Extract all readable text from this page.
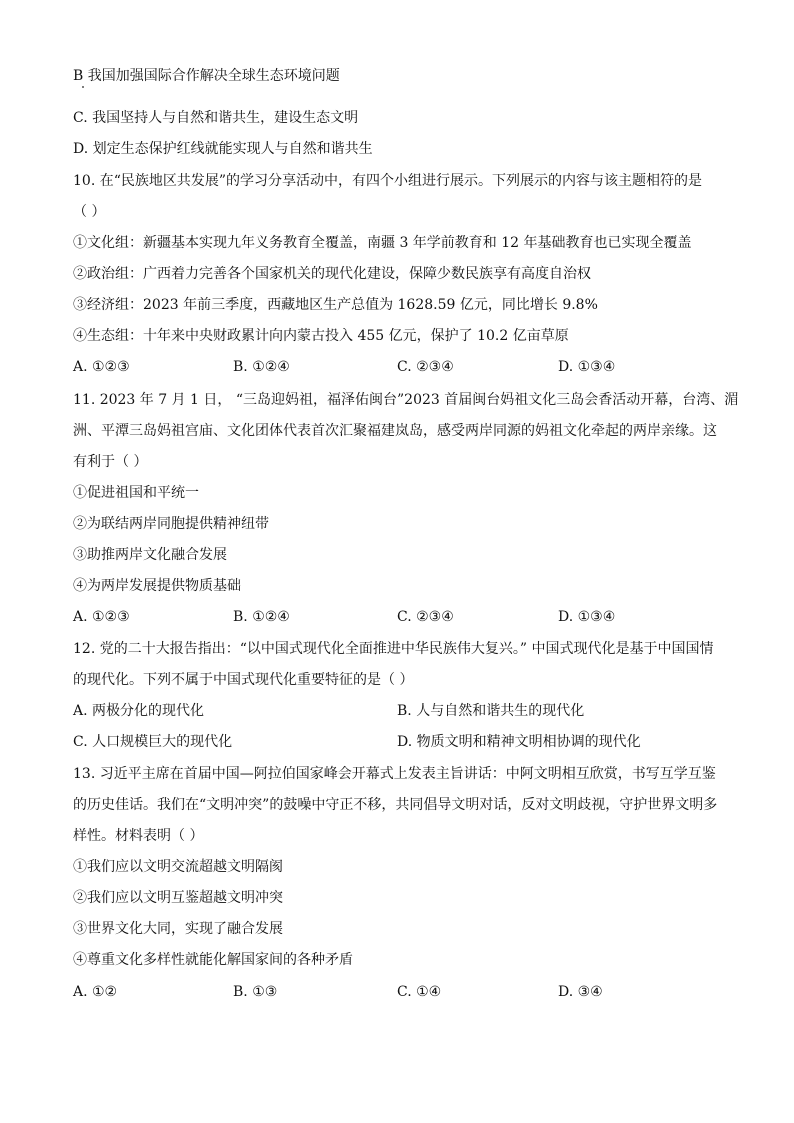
B 我国加强国际合作解决全球生态环境问题
C. 我国坚持人与自然和谐共生，建设生态文明
D. 划定生态保护红线就能实现人与自然和谐共生
10. 在“民族地区共发展”的学习分享活动中，有四个小组进行展示。下列展示的内容与该主题相符的是
（ ）
①文化组：新疆基本实现九年义务教育全覆盖，南疆 3 年学前教育和 12 年基础教育也已实现全覆盖
②政治组：广西着力完善各个国家机关的现代化建设，保障少数民族享有高度自治权
③经济组：2023 年前三季度，西藏地区生产总值为 1628.59 亿元，同比增长 9.8%
④生态组：十年来中央财政累计向内蒙古投入 455 亿元，保护了 10.2 亿亩草原
A. ①②③	B. ①②④	C. ②③④	D. ①③④
11. 2023 年 7 月 1 日， “三岛迎妈祖，福泽佑闽台”2023 首届闽台妈祖文化三岛会香活动开幕，台湾、湄
洲、平潭三岛妈祖宫庙、文化团体代表首次汇聚福建岚岛，感受两岸同源的妈祖文化牵起的两岸亲缘。这
有利于（ ）
①促进祖国和平统一
②为联结两岸同胞提供精神纽带
③助推两岸文化融合发展
④为两岸发展提供物质基础
A. ①②③	B. ①②④	C. ②③④	D. ①③④
12. 党的二十大报告指出：“以中国式现代化全面推进中华民族伟大复兴。” 中国式现代化是基于中国国情
的现代化。下列不属于中国式现代化重要特征的是（ ）
A. 两极分化的现代化	B. 人与自然和谐共生的现代化
C. 人口规模巨大的现代化	D. 物质文明和精神文明相协调的现代化
13. 习近平主席在首届中国—阿拉伯国家峰会开幕式上发表主旨讲话：中阿文明相互欣赏，书写互学互鉴
的历史佳话。我们在“文明冲突”的鼓噪中守正不移，共同倡导文明对话，反对文明歧视，守护世界文明多
样性。材料表明（ ）
①我们应以文明交流超越文明隔阂
②我们应以文明互鉴超越文明冲突
③世界文化大同，实现了融合发展
④尊重文化多样性就能化解国家间的各种矛盾
A. ①②	B. ①③	C. ①④	D. ③④
